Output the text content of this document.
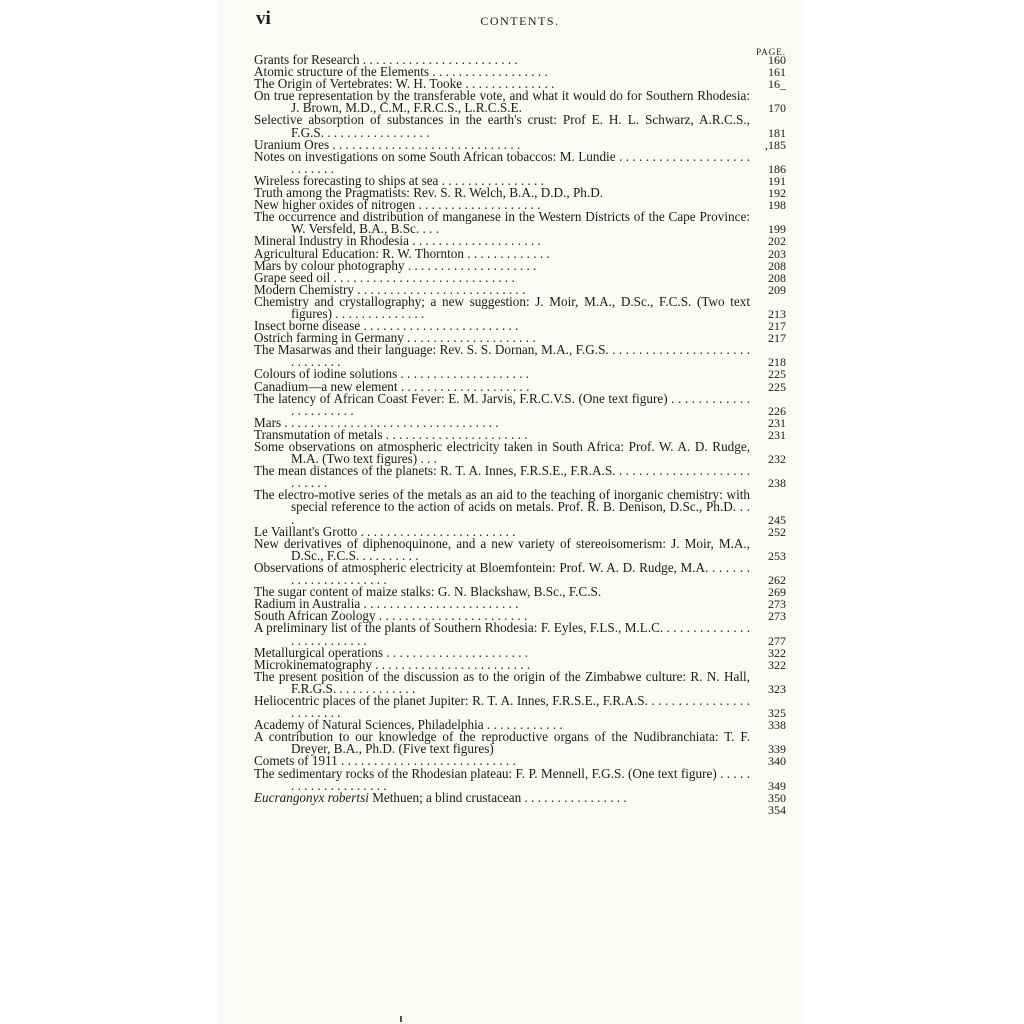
vi	CONTENTS.
PAGE.
Grants for Research . . . . . . . . . . . . . . . . . . . . . . . .	160
Atomic structure of the Elements . . . . . . . . . . . . . . . . . .	161
The Origin of Vertebrates: W. H. Tooke . . . . . . . . . . . . . .	16_
On true representation by the transferable vote, and what it would do for Southern Rhodesia: J. Brown, M.D., C.M., F.R.C.S., L.R.C.S.E.	170
Selective absorption of substances in the earth's crust: Prof E. H. L. Schwarz, A.R.C.S., F.G.S. . . . . . . . . . . . . . . . .	181
Uranium Ores . . . . . . . . . . . . . . . . . . . . . . . . . . . . .	,185
Notes on investigations on some South African tobaccos: M. Lundie . . . . . . . . . . . . . . . . . . . . . . . . . . .	186
Wireless forecasting to ships at sea . . . . . . . . . . . . . . . .	191
Truth among the Pragmatists: Rev. S. R. Welch, B.A., D.D., Ph.D.	192
New higher oxides of nitrogen . . . . . . . . . . . . . . . . . . .	198
The occurrence and distribution of manganese in the Western Districts of the Cape Province: W. Versfeld, B.A., B.Sc. . . .	199
Mineral Industry in Rhodesia . . . . . . . . . . . . . . . . . . . .	202
Agricultural Education: R. W. Thornton . . . . . . . . . . . . .	203
Mars by colour photography . . . . . . . . . . . . . . . . . . . .	208
Grape seed oil . . . . . . . . . . . . . . . . . . . . . . . . . . . .	208
Modern Chemistry . . . . . . . . . . . . . . . . . . . . . . . . . .	209
Chemistry and crystallography; a new suggestion: J. Moir, M.A., D.Sc., F.C.S. (Two text figures) . . . . . . . . . . . . . .	213
Insect borne disease . . . . . . . . . . . . . . . . . . . . . . . .	217
Ostrich farming in Germany . . . . . . . . . . . . . . . . . . . .	217
The Masarwas and their language: Rev. S. S. Dornan, M.A., F.G.S. . . . . . . . . . . . . . . . . . . . . . . . . . . . . .	218
Colours of iodine solutions . . . . . . . . . . . . . . . . . . . .	225
Canadium—a new element . . . . . . . . . . . . . . . . . . . .	225
The latency of African Coast Fever: E. M. Jarvis, F.R.C.V.S. (One text figure) . . . . . . . . . . . . . . . . . . . . . .	226
Mars . . . . . . . . . . . . . . . . . . . . . . . . . . . . . . . . .	231
Transmutation of metals . . . . . . . . . . . . . . . . . . . . . .	231
Some observations on atmospheric electricity taken in South Africa: Prof. W. A. D. Rudge, M.A. (Two text figures) . . .	232
The mean distances of the planets: R. T. A. Innes, F.R.S.E., F.R.A.S. . . . . . . . . . . . . . . . . . . . . . . . . . .	238
The electro-motive series of the metals as an aid to the teaching of inorganic chemistry: with special reference to the action of acids on metals. Prof. R. B. Denison, D.Sc., Ph.D. . . .	245
Le Vaillant's Grotto . . . . . . . . . . . . . . . . . . . . . . . .	252
New derivatives of diphenoquinone, and a new variety of stereoisomerism: J. Moir, M.A., D.Sc., F.C.S. . . . . . . . . .	253
Observations of atmospheric electricity at Bloemfontein: Prof. W. A. D. Rudge, M.A. . . . . . . . . . . . . . . . . . . . . .	262
The sugar content of maize stalks: G. N. Blackshaw, B.Sc., F.C.S.	269
Radium in Australia . . . . . . . . . . . . . . . . . . . . . . . .	273
South African Zoology . . . . . . . . . . . . . . . . . . . . . . .	273
A preliminary list of the plants of Southern Rhodesia: F. Eyles, F.LS., M.L.C. . . . . . . . . . . . . . . . . . . . . . . . . .	277
Metallurgical operations . . . . . . . . . . . . . . . . . . . . . .	322
Microkinematography . . . . . . . . . . . . . . . . . . . . . . . .	322
The present position of the discussion as to the origin of the Zimbabwe culture: R. N. Hall, F.R.G.S. . . . . . . . . . . . .	323
Heliocentric places of the planet Jupiter: R. T. A. Innes, F.R.S.E., F.R.A.S. . . . . . . . . . . . . . . . . . . . . . . .	325
Academy of Natural Sciences, Philadelphia . . . . . . . . . . . .	338
A contribution to our knowledge of the reproductive organs of the Nudibranchiata: T. F. Dreyer, B.A., Ph.D. (Five text figures)	339
Comets of 1911 . . . . . . . . . . . . . . . . . . . . . . . . . . .	340
The sedimentary rocks of the Rhodesian plateau: F. P. Mennell, F.G.S. (One text figure) . . . . . . . . . . . . . . . . . . . .	349
Eucrangonyx robertsi Methuen; a blind crustacean . . . . . . . . . . . . . . . .	350
354
